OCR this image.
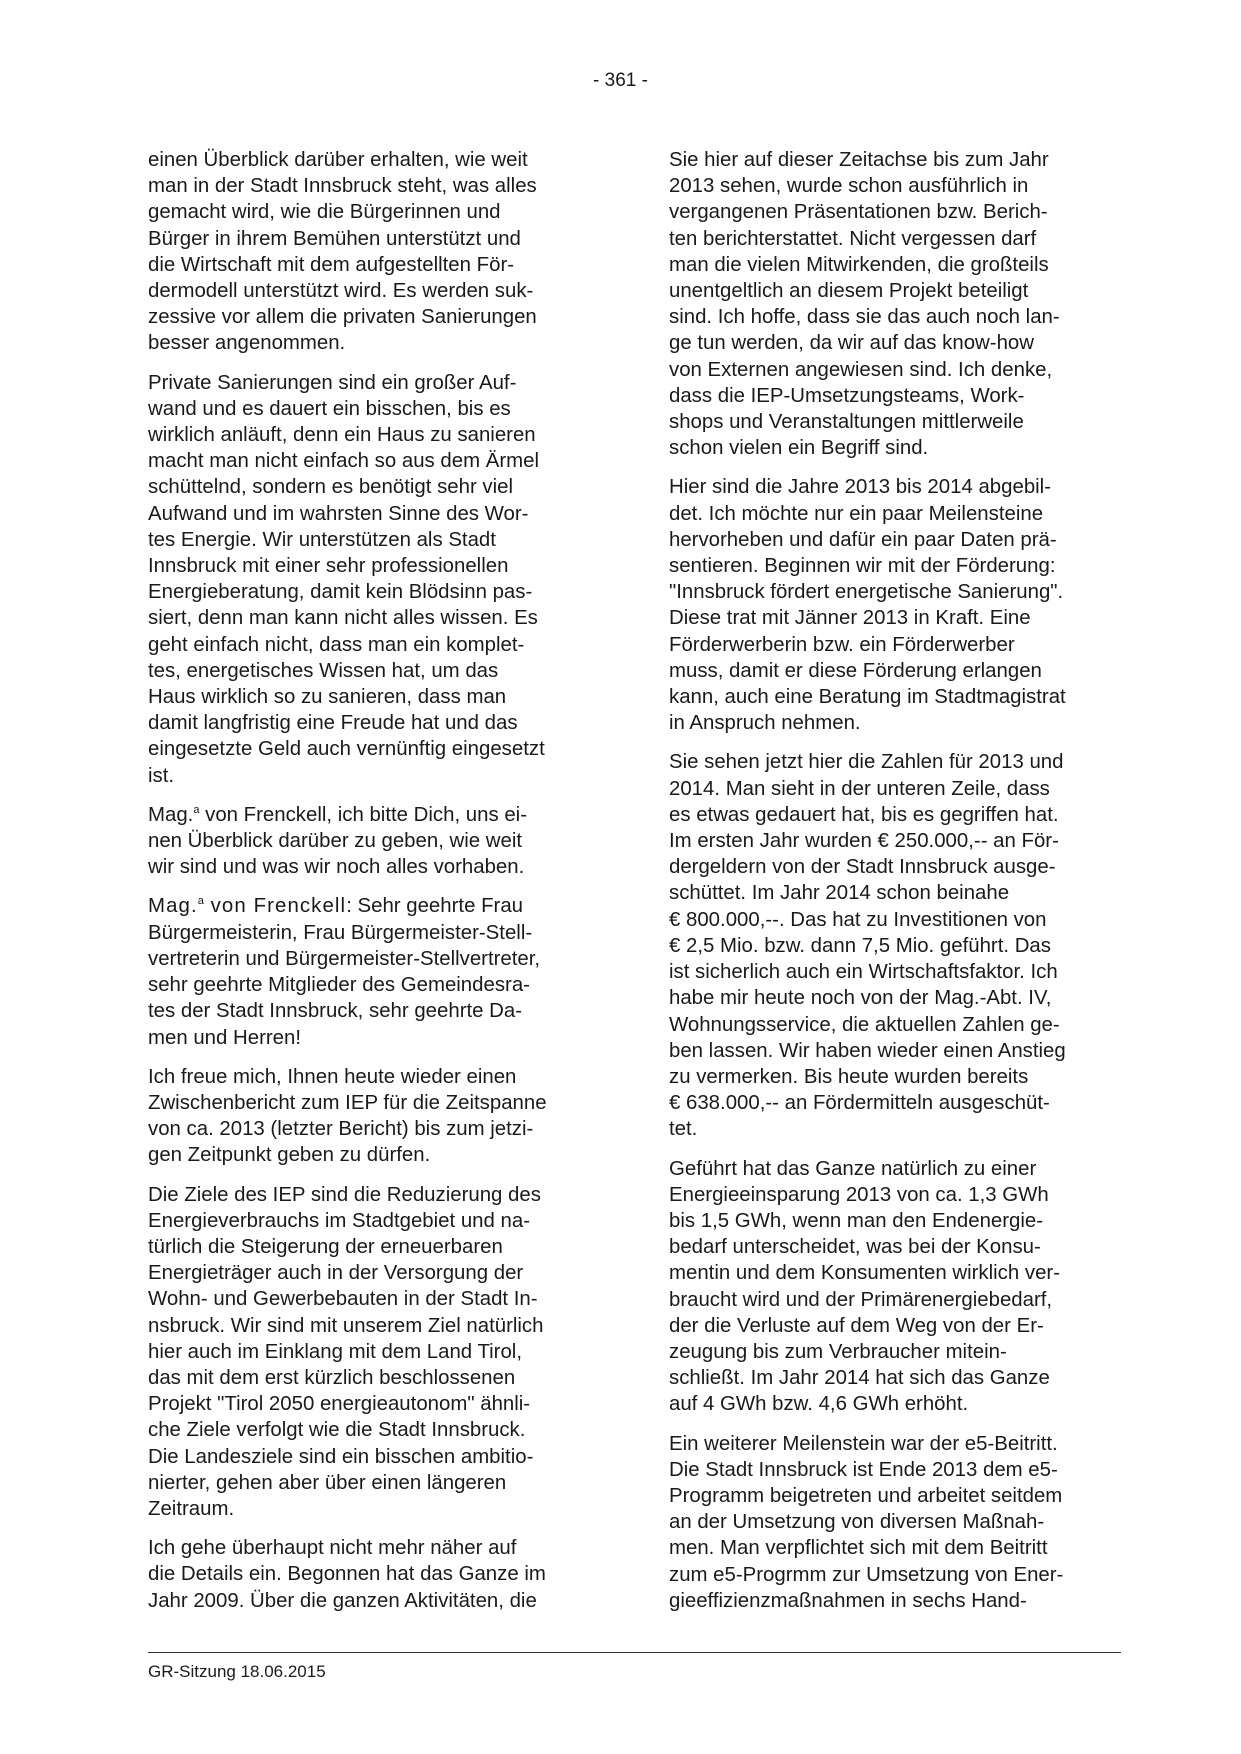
- 361 -

einen Überblick darüber erhalten, wie weit
man in der Stadt Innsbruck steht, was alles
gemacht wird, wie die Bürgerinnen und
Bürger in ihrem Bemühen unterstützt und
die Wirtschaft mit dem aufgestellten För-
dermodell unterstützt wird. Es werden suk-
zessive vor allem die privaten Sanierungen
besser angenommen.

Private Sanierungen sind ein großer Auf-
wand und es dauert ein bisschen, bis es
wirklich anläuft, denn ein Haus zu sanieren
macht man nicht einfach so aus dem Ärmel
schüttelnd, sondern es benötigt sehr viel
Aufwand und im wahrsten Sinne des Wor-
tes Energie. Wir unterstützen als Stadt
Innsbruck mit einer sehr professionellen
Energieberatung, damit kein Blödsinn pas-
siert, denn man kann nicht alles wissen. Es
geht einfach nicht, dass man ein komplet-
tes, energetisches Wissen hat, um das
Haus wirklich so zu sanieren, dass man
damit langfristig eine Freude hat und das
eingesetzte Geld auch vernünftig eingesetzt
ist.

Mag.$^a$ von Frenckell, ich bitte Dich, uns ei-
nen Überblick darüber zu geben, wie weit
wir sind und was wir noch alles vorhaben.

Mag.$^a$ von Frenckell: Sehr geehrte Frau
Bürgermeisterin, Frau Bürgermeister-Stell-
vertreterin und Bürgermeister-Stellvertreter,
sehr geehrte Mitglieder des Gemeindesra-
tes der Stadt Innsbruck, sehr geehrte Da-
men und Herren!

Ich freue mich, Ihnen heute wieder einen
Zwischenbericht zum IEP für die Zeitspanne
von ca. 2013 (letzter Bericht) bis zum jetzi-
gen Zeitpunkt geben zu dürfen.

Die Ziele des IEP sind die Reduzierung des
Energieverbrauchs im Stadtgebiet und na-
türlich die Steigerung der erneuerbaren
Energieträger auch in der Versorgung der
Wohn- und Gewerbebauten in der Stadt In-
nsbruck. Wir sind mit unserem Ziel natürlich
hier auch im Einklang mit dem Land Tirol,
das mit dem erst kürzlich beschlossenen
Projekt "Tirol 2050 energieautonom" ähnli-
che Ziele verfolgt wie die Stadt Innsbruck.
Die Landesziele sind ein bisschen ambitio-
nierter, gehen aber über einen längeren
Zeitraum.

Ich gehe überhaupt nicht mehr näher auf
die Details ein. Begonnen hat das Ganze im
Jahr 2009. Über die ganzen Aktivitäten, die

Sie hier auf dieser Zeitachse bis zum Jahr
2013 sehen, wurde schon ausführlich in
vergangenen Präsentationen bzw. Berich-
ten berichterstattet. Nicht vergessen darf
man die vielen Mitwirkenden, die großteils
unentgeltlich an diesem Projekt beteiligt
sind. Ich hoffe, dass sie das auch noch lan-
ge tun werden, da wir auf das know-how
von Externen angewiesen sind. Ich denke,
dass die IEP-Umsetzungsteams, Work-
shops und Veranstaltungen mittlerweile
schon vielen ein Begriff sind.

Hier sind die Jahre 2013 bis 2014 abgebil-
det. Ich möchte nur ein paar Meilensteine
hervorheben und dafür ein paar Daten prä-
sentieren. Beginnen wir mit der Förderung:
"Innsbruck fördert energetische Sanierung".
Diese trat mit Jänner 2013 in Kraft. Eine
Förderwerberin bzw. ein Förderwerber
muss, damit er diese Förderung erlangen
kann, auch eine Beratung im Stadtmagistrat
in Anspruch nehmen.

Sie sehen jetzt hier die Zahlen für 2013 und
2014. Man sieht in der unteren Zeile, dass
es etwas gedauert hat, bis es gegriffen hat.
Im ersten Jahr wurden € 250.000,-- an För-
dergeldern von der Stadt Innsbruck ausge-
schüttet. Im Jahr 2014 schon beinahe
€ 800.000,--. Das hat zu Investitionen von
€ 2,5 Mio. bzw. dann 7,5 Mio. geführt. Das
ist sicherlich auch ein Wirtschaftsfaktor. Ich
habe mir heute noch von der Mag.-Abt. IV,
Wohnungsservice, die aktuellen Zahlen ge-
ben lassen. Wir haben wieder einen Anstieg
zu vermerken. Bis heute wurden bereits
€ 638.000,-- an Fördermitteln ausgeschüt-
tet.

Geführt hat das Ganze natürlich zu einer
Energieeinsparung 2013 von ca. 1,3 GWh
bis 1,5 GWh, wenn man den Endenergie-
bedarf unterscheidet, was bei der Konsu-
mentin und dem Konsumenten wirklich ver-
braucht wird und der Primärenergiebedarf,
der die Verluste auf dem Weg von der Er-
zeugung bis zum Verbraucher mitein-
schließt. Im Jahr 2014 hat sich das Ganze
auf 4 GWh bzw. 4,6 GWh erhöht.

Ein weiterer Meilenstein war der e5-Beitritt.
Die Stadt Innsbruck ist Ende 2013 dem e5-
Programm beigetreten und arbeitet seitdem
an der Umsetzung von diversen Maßnah-
men. Man verpflichtet sich mit dem Beitritt
zum e5-Progrmm zur Umsetzung von Ener-
gieeffizienzmaßnahmen in sechs Hand-

GR-Sitzung 18.06.2015
